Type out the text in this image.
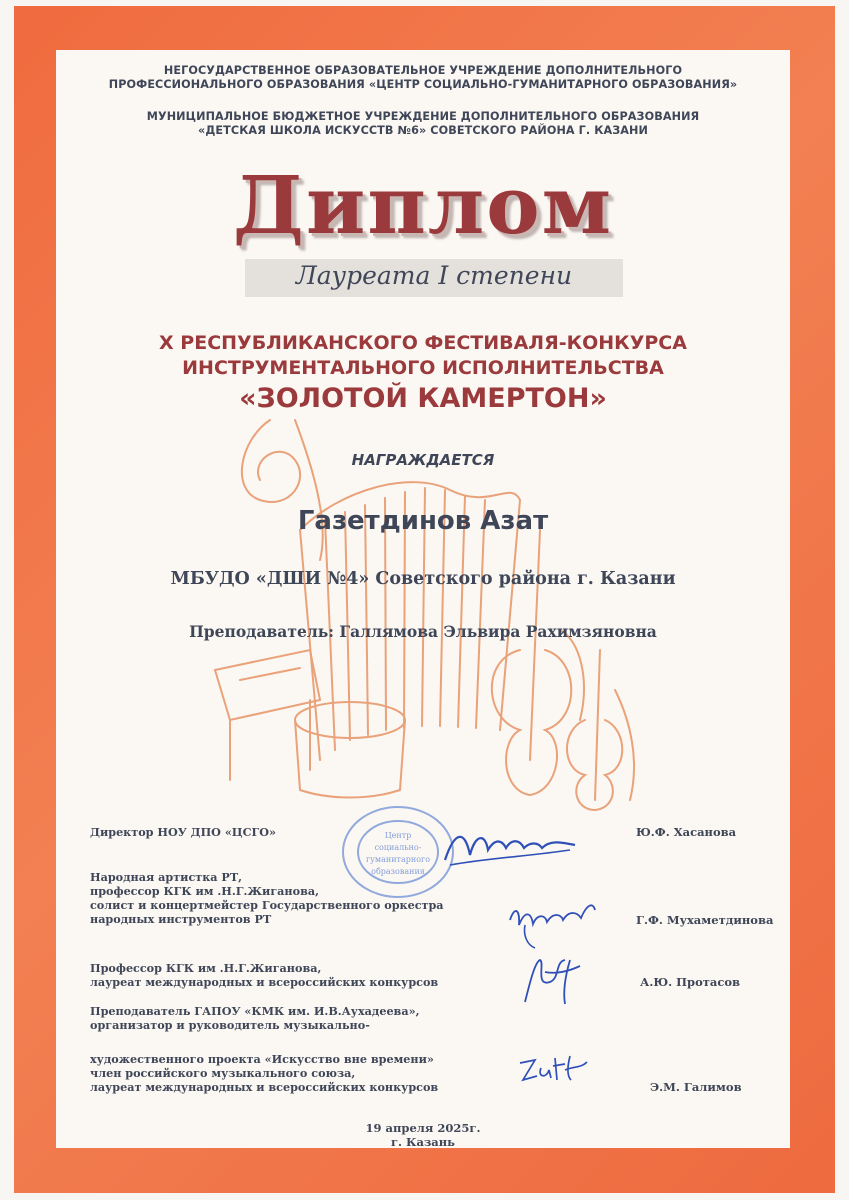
НЕГОСУДАРСТВЕННОЕ ОБРАЗОВАТЕЛЬНОЕ УЧРЕЖДЕНИЕ ДОПОЛНИТЕЛЬНОГО
ПРОФЕССИОНАЛЬНОГО ОБРАЗОВАНИЯ «ЦЕНТР СОЦИАЛЬНО-ГУМАНИТАРНОГО ОБРАЗОВАНИЯ»
МУНИЦИПАЛЬНОЕ БЮДЖЕТНОЕ УЧРЕЖДЕНИЕ ДОПОЛНИТЕЛЬНОГО ОБРАЗОВАНИЯ
«ДЕТСКАЯ ШКОЛА ИСКУССТВ №6» СОВЕТСКОГО РАЙОНА Г. КАЗАНИ
Диплом
Лауреата I степени
X РЕСПУБЛИКАНСКОГО ФЕСТИВАЛЯ-КОНКУРСА
ИНСТРУМЕНТАЛЬНОГО ИСПОЛНИТЕЛЬСТВА
«ЗОЛОТОЙ КАМЕРТОН»
НАГРАЖДАЕТСЯ
Газетдинов Азат
МБУДО «ДШИ №4» Советского района г. Казани
Преподаватель: Галлямова Эльвира Рахимзяновна
Центр
социально-
гуманитарного
образования
Директор НОУ ДПО «ЦСГО»	Ю.Ф. Хасанова
Народная артистка РТ,
профессор КГК им .Н.Г.Жиганова,
солист и концертмейстер Государственного оркестра
народных инструментов РТ	Г.Ф. Мухаметдинова
Профессор КГК им .Н.Г.Жиганова,
лауреат международных и всероссийских конкурсов	А.Ю. Протасов
Преподаватель ГАПОУ «КМК им. И.В.Аухадеева»,
организатор и руководитель музыкально-
художественного проекта «Искусство вне времени»
член российского музыкального союза,
лауреат международных и всероссийских конкурсов	Э.М. Галимов
19 апреля 2025г.
г. Казань
